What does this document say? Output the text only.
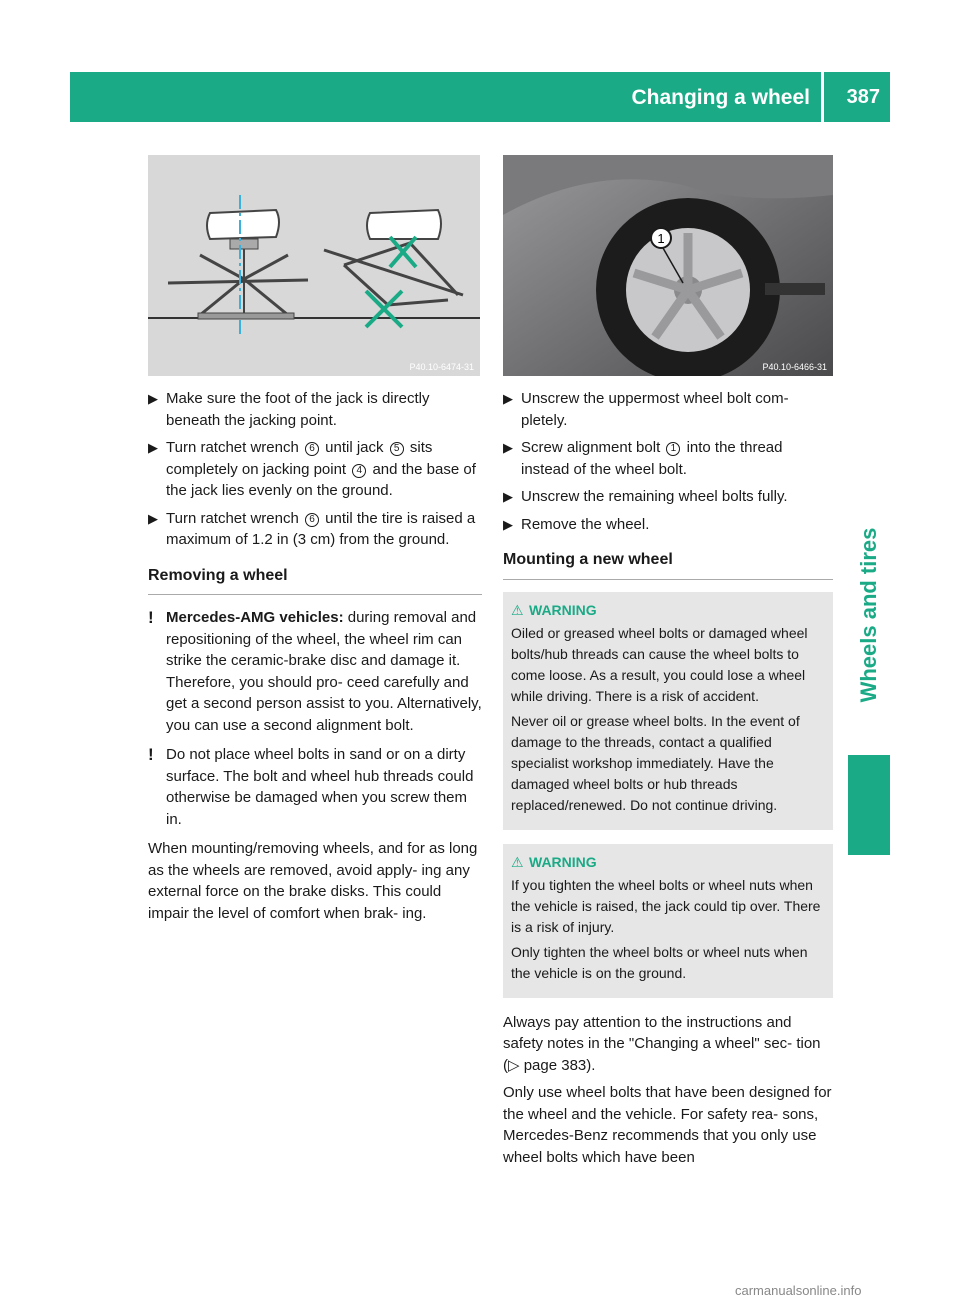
Changing a wheel 387
Wheels and tires
P40.10-6474-31
1
P40.10-6466-31
▶ Make sure the foot of the jack is directly beneath the jacking point.
▶ Turn ratchet wrench 6 until jack 5 sits completely on jacking point 4 and the base of the jack lies evenly on the ground.
▶ Turn ratchet wrench 6 until the tire is raised a maximum of 1.2 in (3 cm) from the ground.
Removing a wheel
! Mercedes-AMG vehicles: during removal and repositioning of the wheel, the wheel rim can strike the ceramic-brake disc and damage it. Therefore, you should pro- ceed carefully and get a second person assist to you. Alternatively, you can use a second alignment bolt.
! Do not place wheel bolts in sand or on a dirty surface. The bolt and wheel hub threads could otherwise be damaged when you screw them in.
When mounting/removing wheels, and for as long as the wheels are removed, avoid apply- ing any external force on the brake disks. This could impair the level of comfort when brak- ing.
▶ Unscrew the uppermost wheel bolt com- pletely.
▶ Screw alignment bolt 1 into the thread instead of the wheel bolt.
▶ Unscrew the remaining wheel bolts fully.
▶ Remove the wheel.
Mounting a new wheel
⚠ WARNING

Oiled or greased wheel bolts or damaged wheel bolts/hub threads can cause the wheel bolts to come loose. As a result, you could lose a wheel while driving. There is a risk of accident.

Never oil or grease wheel bolts. In the event of damage to the threads, contact a qualified specialist workshop immediately. Have the damaged wheel bolts or hub threads replaced/renewed. Do not continue driving.

⚠ WARNING

If you tighten the wheel bolts or wheel nuts when the vehicle is raised, the jack could tip over. There is a risk of injury.

Only tighten the wheel bolts or wheel nuts when the vehicle is on the ground.

Always pay attention to the instructions and safety notes in the "Changing a wheel" sec- tion (▷ page 383).
Only use wheel bolts that have been designed for the wheel and the vehicle. For safety rea- sons, Mercedes-Benz recommends that you only use wheel bolts which have been
carmanualsonline.info
